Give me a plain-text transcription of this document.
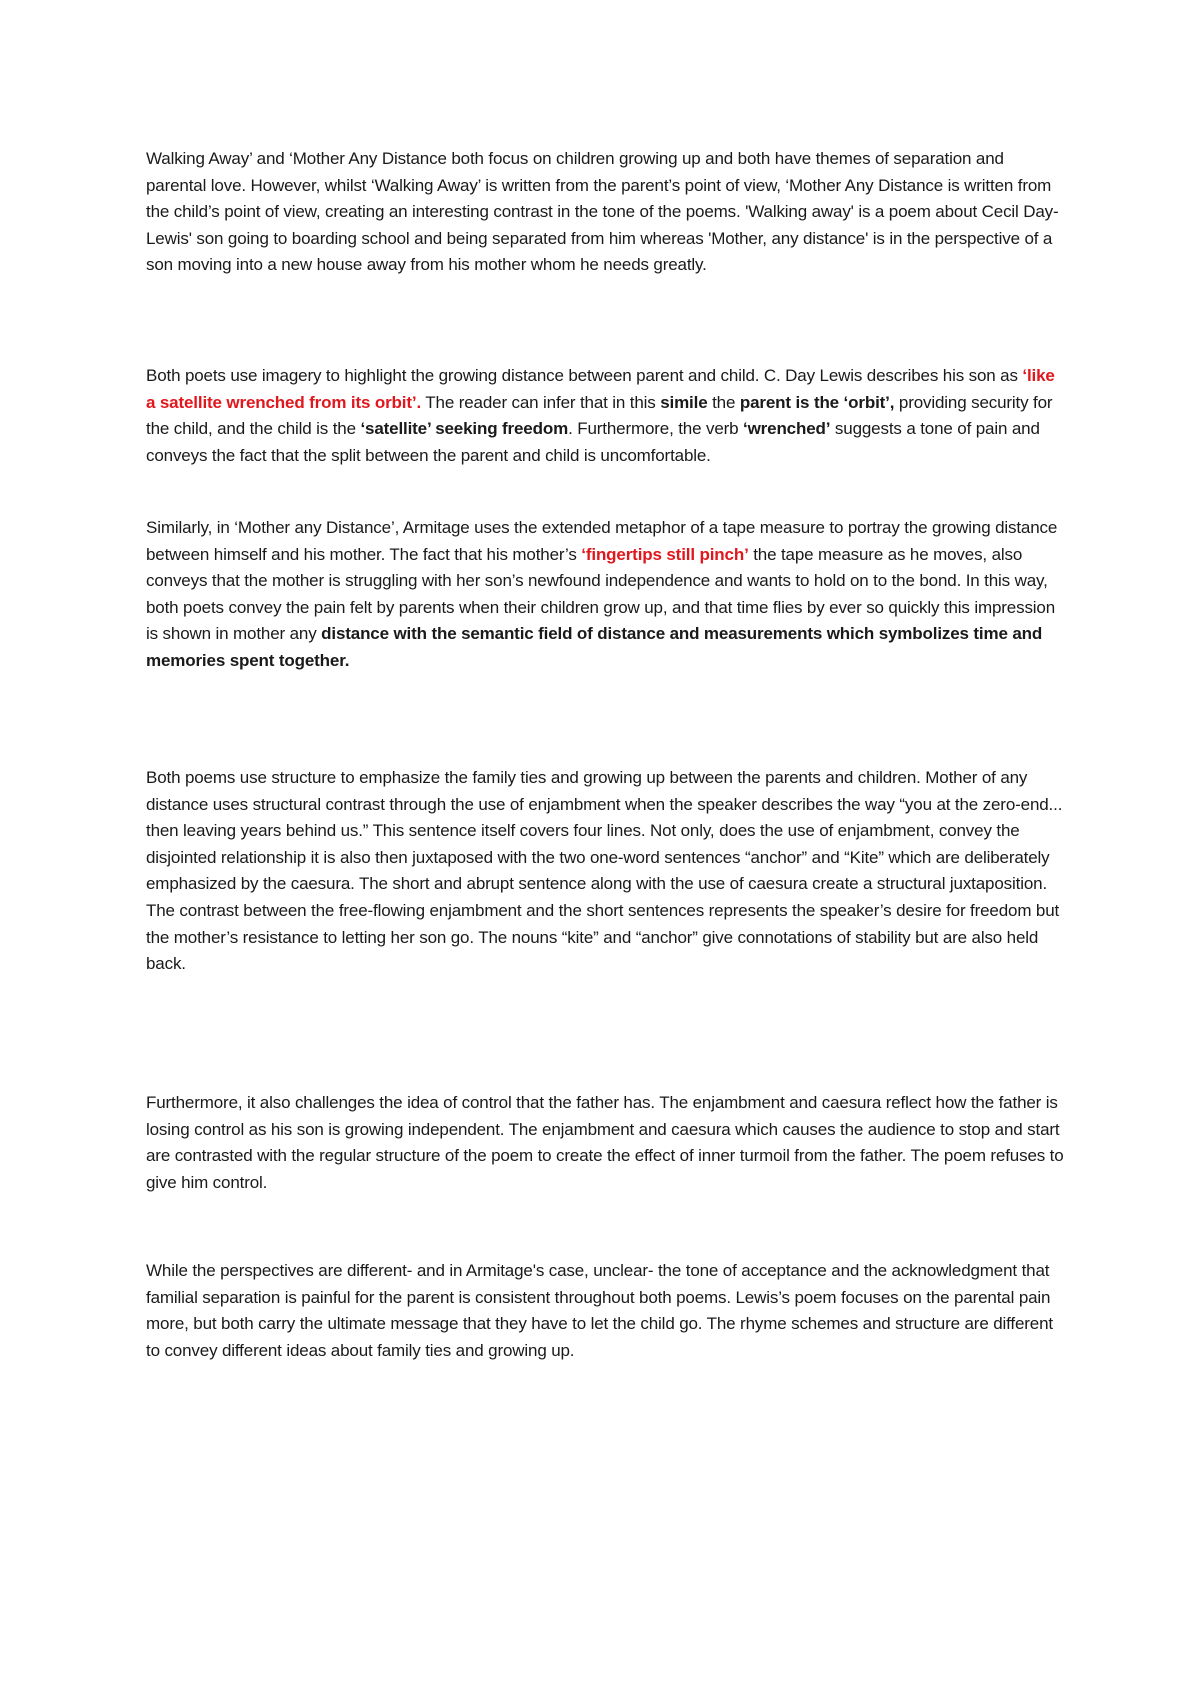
Walking Away’ and ‘Mother Any Distance both focus on children growing up and both have themes of separation and parental love. However, whilst ‘Walking Away’ is written from the parent’s point of view, ‘Mother Any Distance is written from the child’s point of view, creating an interesting contrast in the tone of the poems. 'Walking away' is a poem about Cecil Day-Lewis' son going to boarding school and being separated from him whereas 'Mother, any distance' is in the perspective of a son moving into a new house away from his mother whom he needs greatly.

Both poets use imagery to highlight the growing distance between parent and child. C. Day Lewis describes his son as ‘like a satellite wrenched from its orbit’. The reader can infer that in this simile the parent is the ‘orbit’, providing security for the child, and the child is the ‘satellite’ seeking freedom. Furthermore, the verb ‘wrenched’ suggests a tone of pain and conveys the fact that the split between the parent and child is uncomfortable.

Similarly, in ‘Mother any Distance’, Armitage uses the extended metaphor of a tape measure to portray the growing distance between himself and his mother. The fact that his mother’s ‘fingertips still pinch’ the tape measure as he moves, also conveys that the mother is struggling with her son’s newfound independence and wants to hold on to the bond. In this way, both poets convey the pain felt by parents when their children grow up, and that time flies by ever so quickly this impression is shown in mother any distance with the semantic field of distance and measurements which symbolizes time and memories spent together.

Both poems use structure to emphasize the family ties and growing up between the parents and children. Mother of any distance uses structural contrast through the use of enjambment when the speaker describes the way “you at the zero-end... then leaving years behind us.” This sentence itself covers four lines. Not only, does the use of enjambment, convey the disjointed relationship it is also then juxtaposed with the two one-word sentences “anchor” and “Kite” which are deliberately emphasized by the caesura. The short and abrupt sentence along with the use of caesura create a structural juxtaposition. The contrast between the free-flowing enjambment and the short sentences represents the speaker’s desire for freedom but the mother’s resistance to letting her son go. The nouns “kite” and “anchor” give connotations of stability but are also held back.

Furthermore, it also challenges the idea of control that the father has. The enjambment and caesura reflect how the father is losing control as his son is growing independent. The enjambment and caesura which causes the audience to stop and start are contrasted with the regular structure of the poem to create the effect of inner turmoil from the father. The poem refuses to give him control.

While the perspectives are different- and in Armitage's case, unclear- the tone of acceptance and the acknowledgment that familial separation is painful for the parent is consistent throughout both poems. Lewis’s poem focuses on the parental pain more, but both carry the ultimate message that they have to let the child go. The rhyme schemes and structure are different to convey different ideas about family ties and growing up.
